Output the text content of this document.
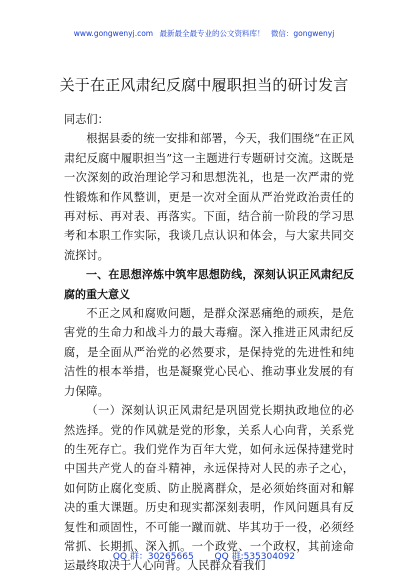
www.gongwenyj.com 最新最全最专业的公文资料库！ 微信：gongwenyj
关于在正风肃纪反腐中履职担当的研讨发言

同志们：

根据县委的统一安排和部署，今天，我们围绕“在正风肃纪反腐中履职担当”这一主题进行专题研讨交流。这既是一次深刻的政治理论学习和思想洗礼，也是一次严肃的党性锻炼和作风整训，更是一次对全面从严治党政治责任的再对标、再对表、再落实。下面，结合前一阶段的学习思考和本职工作实际，我谈几点认识和体会，与大家共同交流探讨。

一、在思想淬炼中筑牢思想防线，深刻认识正风肃纪反腐的重大意义

不正之风和腐败问题，是群众深恶痛绝的顽疾，是危害党的生命力和战斗力的最大毒瘤。深入推进正风肃纪反腐，是全面从严治党的必然要求，是保持党的先进性和纯洁性的根本举措，也是凝聚党心民心、推动事业发展的有力保障。

（一）深刻认识正风肃纪是巩固党长期执政地位的必然选择。党的作风就是党的形象，关系人心向背，关系党的生死存亡。我们党作为百年大党，如何永远保持建党时中国共产党人的奋斗精神，永远保持对人民的赤子之心，如何防止腐化变质、防止脱离群众，是必须始终面对和解决的重大课题。历史和现实都深刻表明，作风问题具有反复性和顽固性，不可能一蹴而就、毕其功于一役，必须经常抓、长期抓、深入抓。一个政党、一个政权，其前途命运最终取决于人心向背。人民群众看我们

QQ 群：30265665 QQ 群:535304092
